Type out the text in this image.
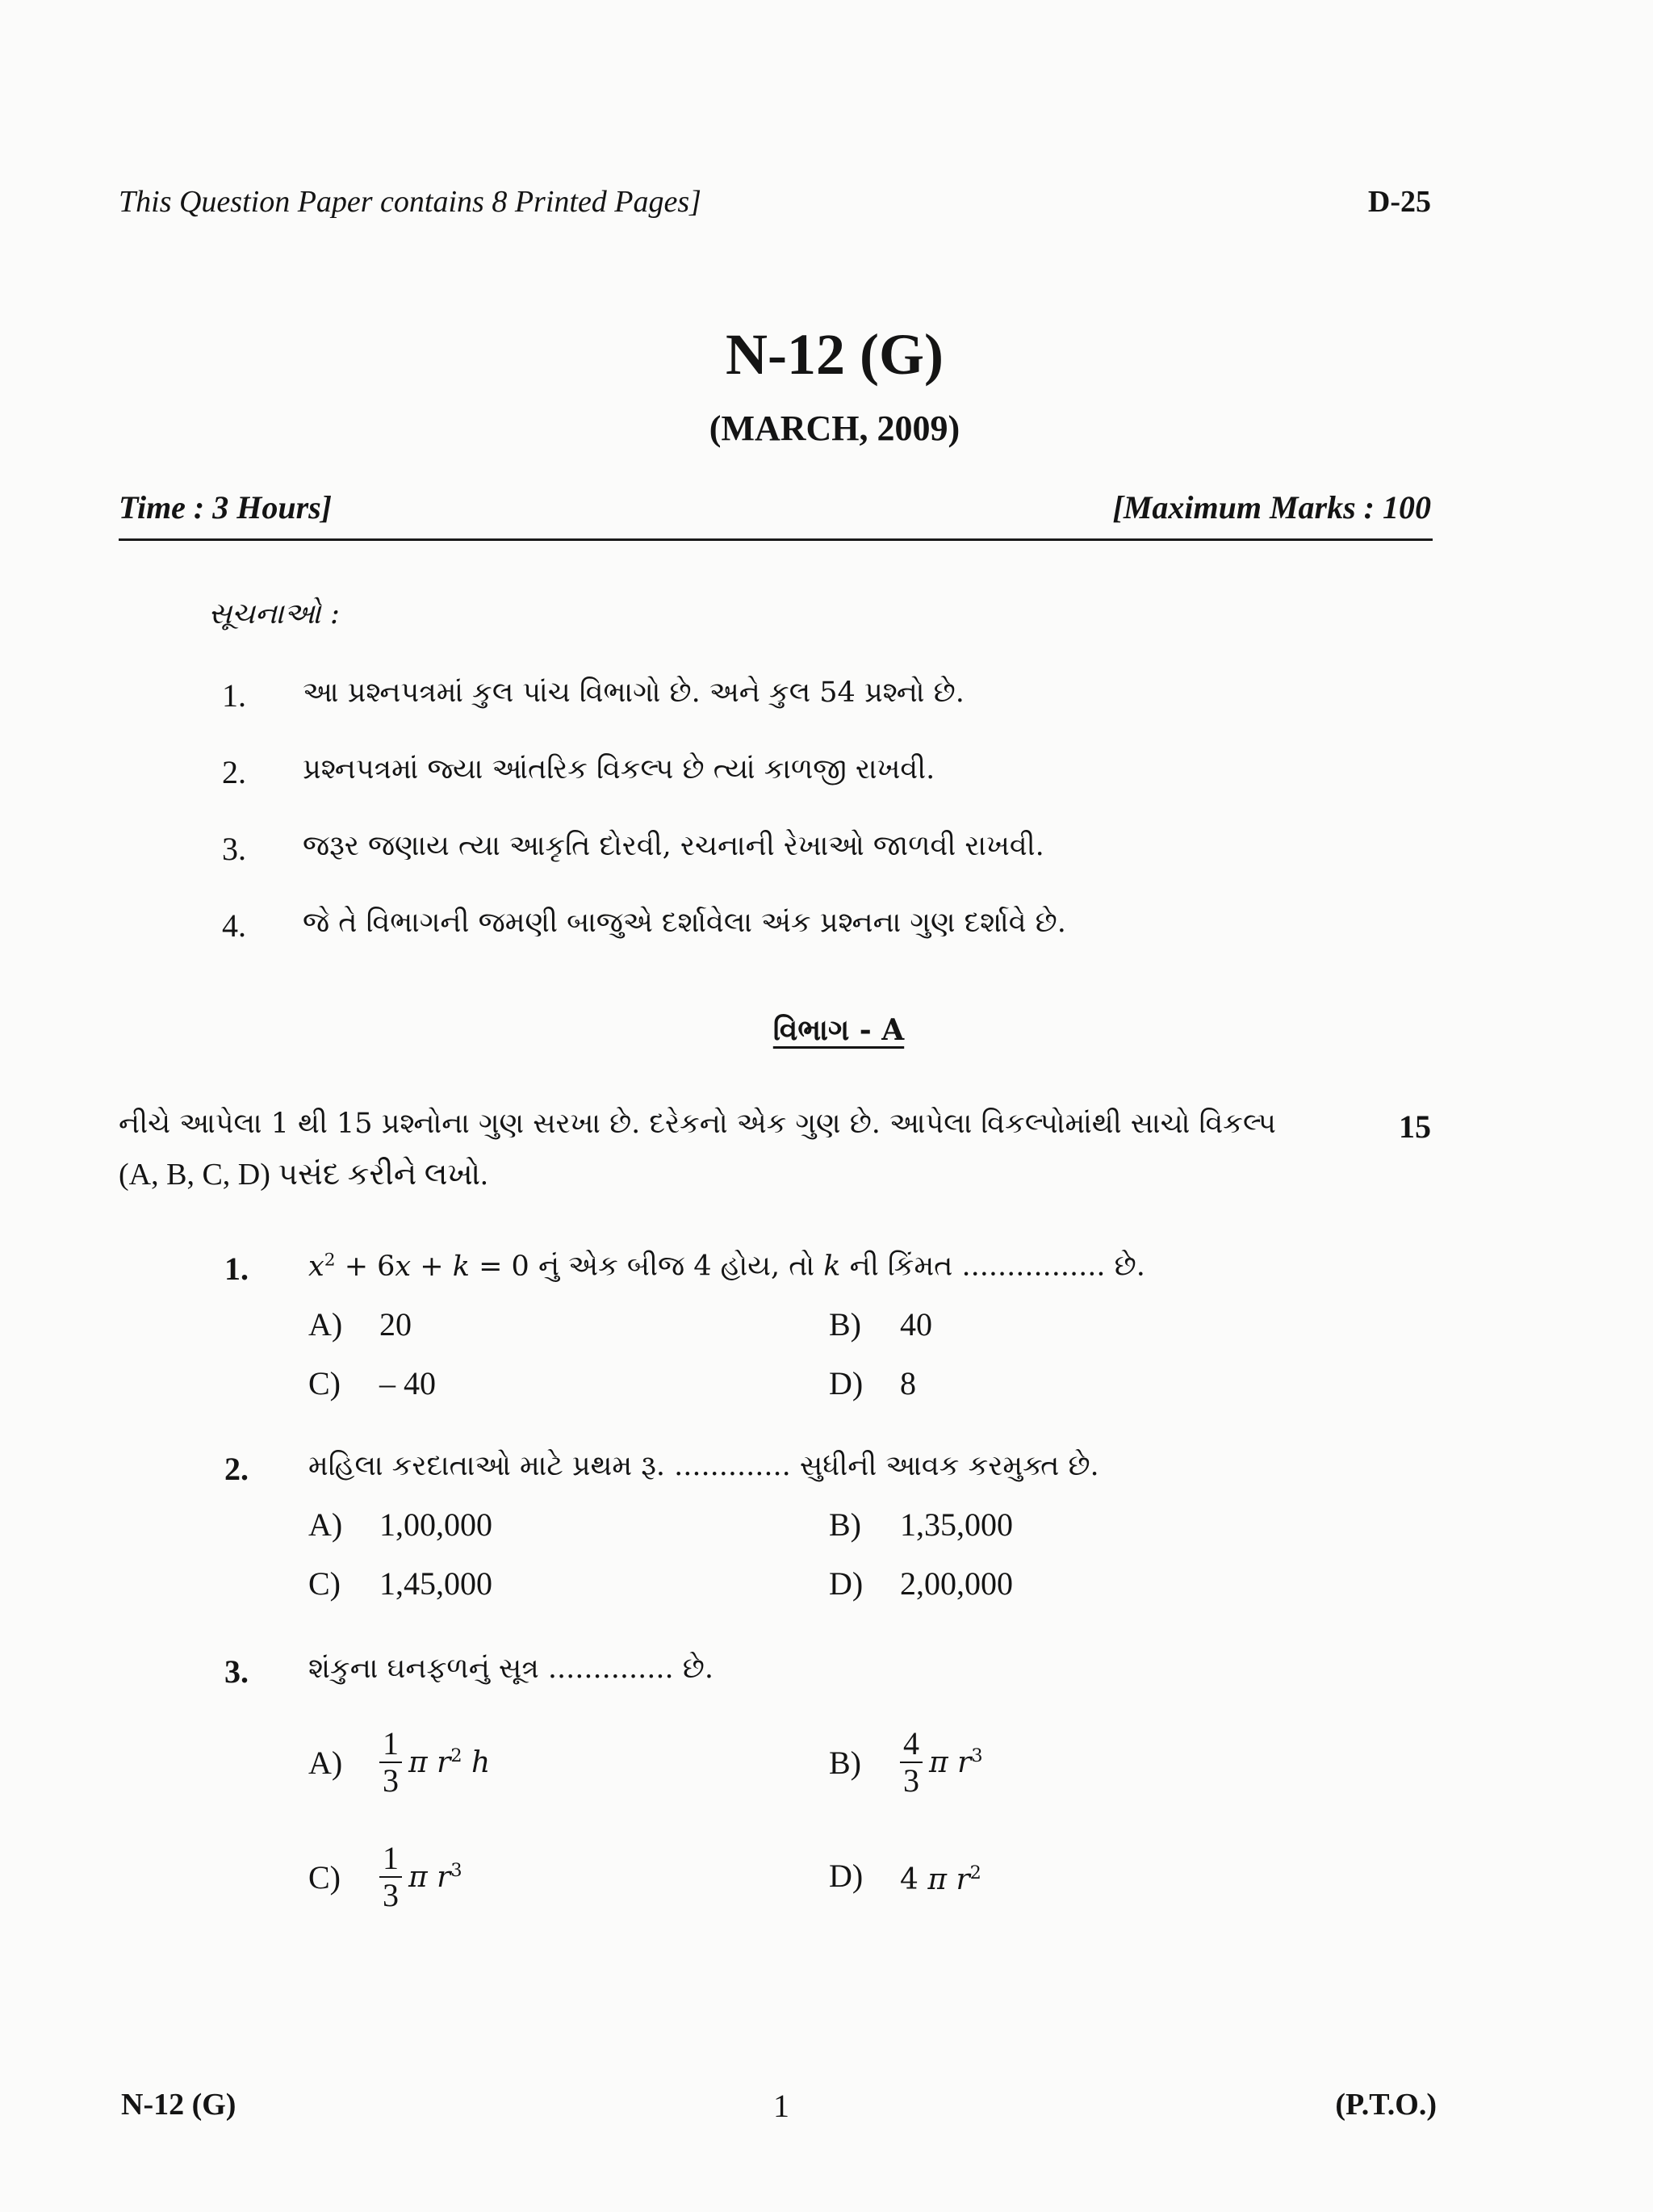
This Question Paper contains 8 Printed Pages]	D-25
N-12 (G)
(MARCH, 2009)
Time : 3 Hours]	[Maximum Marks : 100
સૂચનાઓ :
1. આ પ્રશ્નપત્રમાં કુલ પાંચ વિભાગો છે. અને કુલ 54 પ્રશ્નો છે.
2. પ્રશ્નપત્રમાં જ્યા આંતરિક વિકલ્પ છે ત્યાં કાળજી રાખવી.
3. જરૂર જણાય ત્યા આકૃતિ દોરવી, રચનાની રેખાઓ જાળવી રાખવી.
4. જે તે વિભાગની જમણી બાજુએ દર્શાવેલા અંક પ્રશ્નના ગુણ દર્શાવે છે.
વિભાગ - A
નીચે આપેલા 1 થી 15 પ્રશ્નોના ગુણ સરખા છે. દરેકનો એક ગુણ છે. આપેલા વિકલ્પોમાંથી સાચો વિકલ્પ
(A, B, C, D) પસંદ કરીને લખો.
15
1. $x^2 + 6x + k = 0$ નું એક બીજ 4 હોય, તો k ની કિંમત ................ છે.
A) 20	B) 40
C) – 40	D) 8
2. મહિલા કરદાતાઓ માટે પ્રથમ રૂ. ............. સુધીની આવક કરમુક્ત છે.
A) 1,00,000	B) 1,35,000
C) 1,45,000	D) 2,00,000
3. શંકુના ઘનફળનું સૂત્ર .............. છે.
$A) \frac{1}{3}$ π $r^2$ h	$B) \frac{4}{3}$ π $r^3$
$C) \frac{1}{3}$ π $r^3$	D) 4 π $r^2$
N-12 (G)	1	(P.T.O.)
